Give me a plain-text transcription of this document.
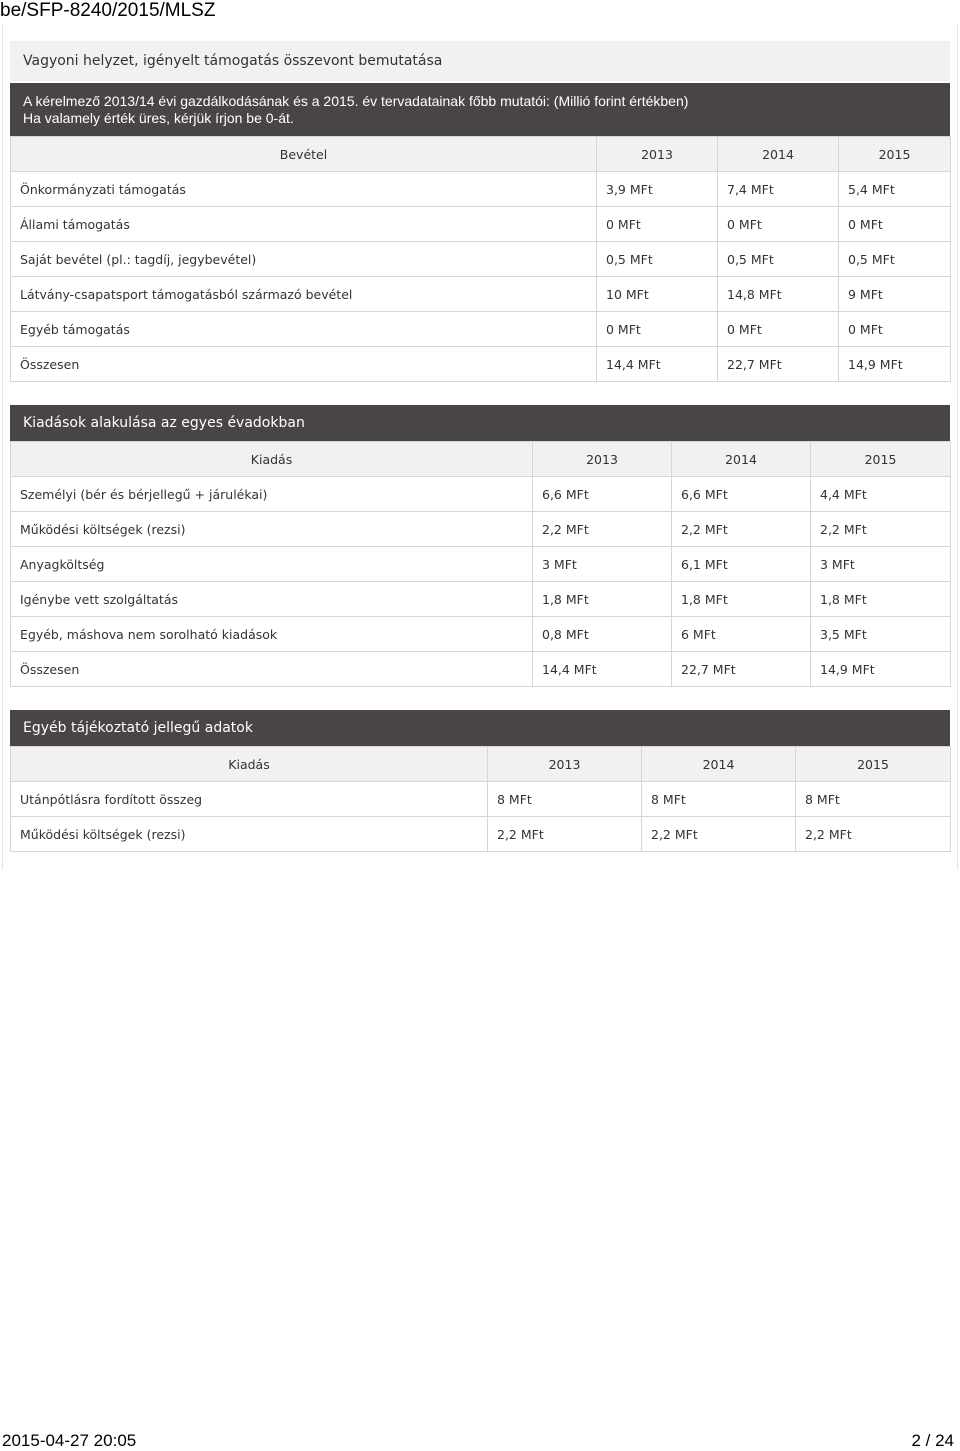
be/SFP-8240/2015/MLSZ
Vagyoni helyzet, igényelt támogatás összevont bemutatása
A kérelmező 2013/14 évi gazdálkodásának és a 2015. év tervadatainak főbb mutatói: (Millió forint értékben)
Ha valamely érték üres, kérjük írjon be 0-át.
Bevétel	2013	2014	2015
Önkormányzati támogatás	3,9 MFt	7,4 MFt	5,4 MFt
Állami támogatás	0 MFt	0 MFt	0 MFt
Saját bevétel (pl.: tagdíj, jegybevétel)	0,5 MFt	0,5 MFt	0,5 MFt
Látvány-csapatsport támogatásból származó bevétel	10 MFt	14,8 MFt	9 MFt
Egyéb támogatás	0 MFt	0 MFt	0 MFt
Összesen	14,4 MFt	22,7 MFt	14,9 MFt
Kiadások alakulása az egyes évadokban
Kiadás	2013	2014	2015
Személyi (bér és bérjellegű + járulékai)	6,6 MFt	6,6 MFt	4,4 MFt
Működési költségek (rezsi)	2,2 MFt	2,2 MFt	2,2 MFt
Anyagköltség	3 MFt	6,1 MFt	3 MFt
Igénybe vett szolgáltatás	1,8 MFt	1,8 MFt	1,8 MFt
Egyéb, máshova nem sorolható kiadások	0,8 MFt	6 MFt	3,5 MFt
Összesen	14,4 MFt	22,7 MFt	14,9 MFt
Egyéb tájékoztató jellegű adatok
Kiadás	2013	2014	2015
Utánpótlásra fordított összeg	8 MFt	8 MFt	8 MFt
Működési költségek (rezsi)	2,2 MFt	2,2 MFt	2,2 MFt
2015-04-27 20:05	2 / 24
